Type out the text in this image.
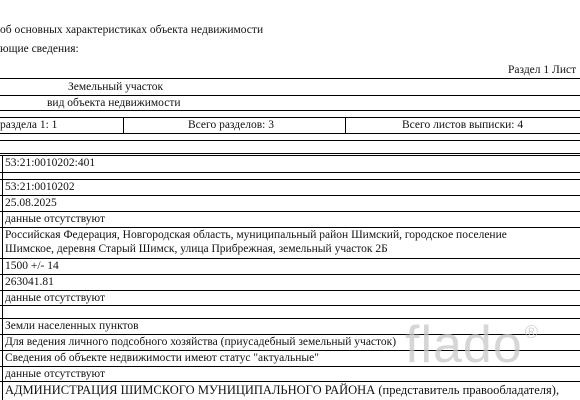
об основных характеристиках объекта недвижимости
ющие сведения:
Раздел 1 Лист
Земельный участок
вид объекта недвижимости
раздела 1: 1	Всего разделов: 3	Всего листов выписки: 4
53:21:0010202:401
53:21:0010202
25.08.2025
данные отсутствуют
Российская Федерация, Новгородская область, муниципальный район Шимский, городское поселение
Шимское, деревня Старый Шимск, улица Прибрежная, земельный участок 2Б
1500 +/- 14
263041.81
данные отсутствуют
Земли населенных пунктов
Для ведения личного подсобного хозяйства (приусадебный земельный участок)
Сведения об объекте недвижимости имеют статус "актуальные"
данные отсутствуют
АДМИНИСТРАЦИЯ ШИМСКОГО МУНИЦИПАЛЬНОГО РАЙОНА (представитель правообладателя),
flado ®
